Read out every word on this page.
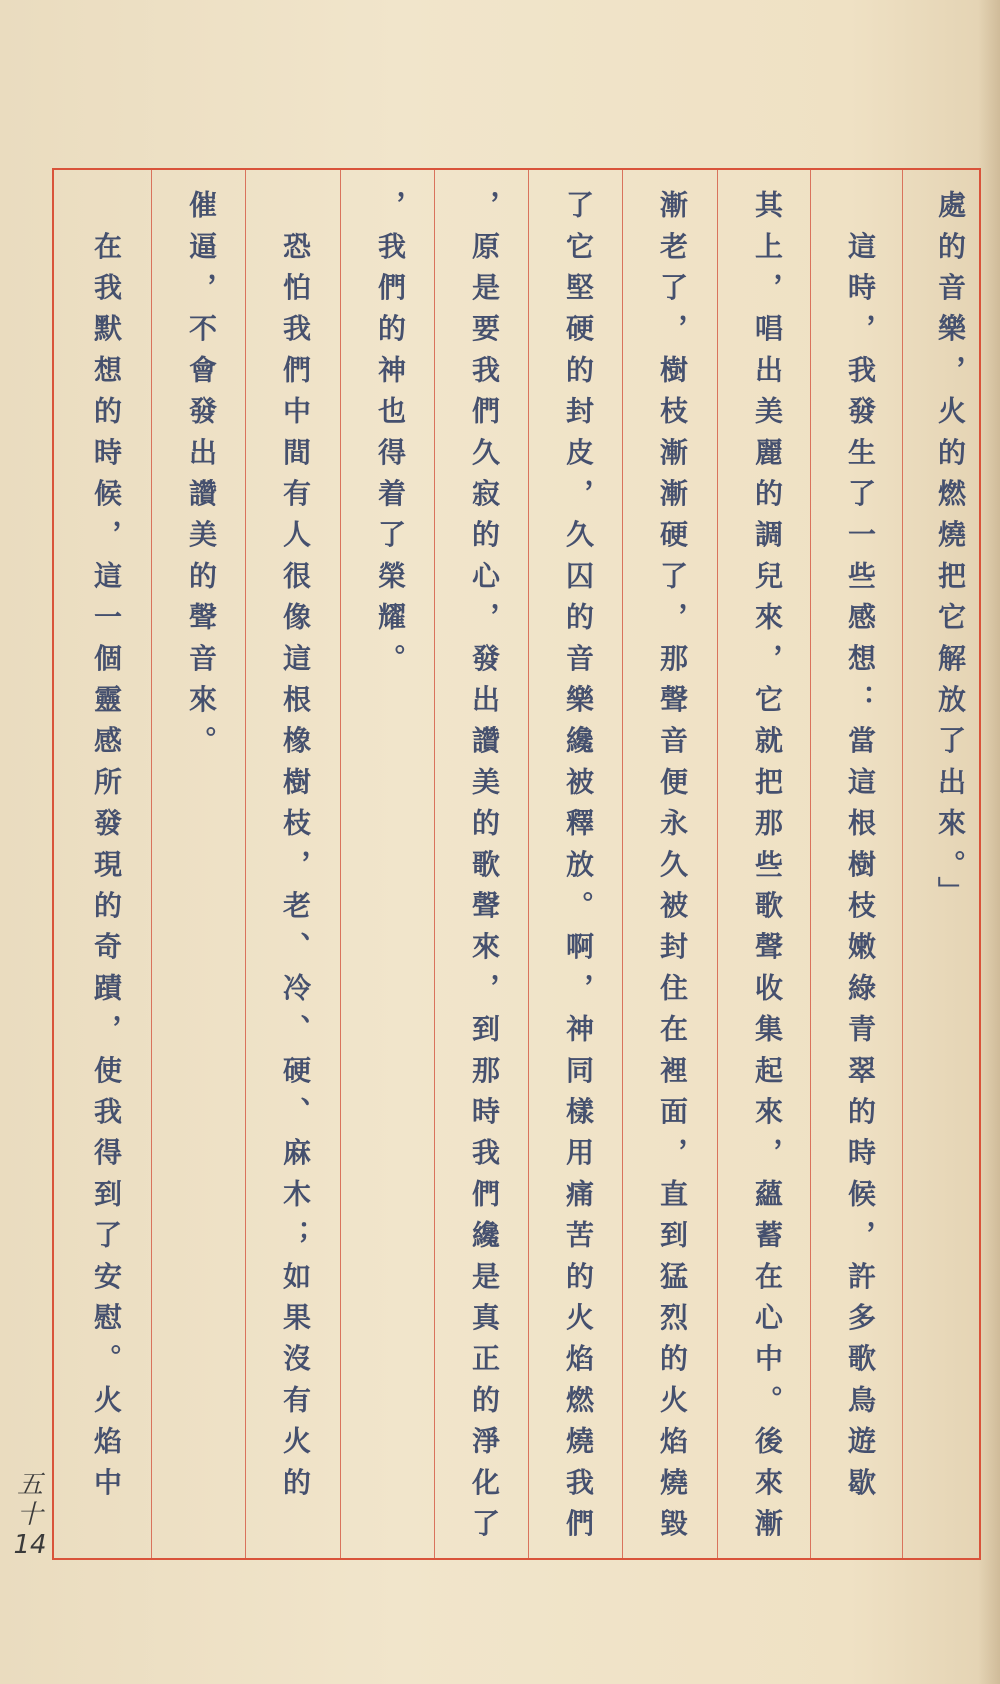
處的音樂，火的燃燒把它解放了出來。」
　這時，我發生了一些感想：當這根樹枝嫩綠青翠的時候，許多歌鳥遊歇
其上，唱出美麗的調兒來，它就把那些歌聲收集起來，蘊蓄在心中。後來漸
漸老了，樹枝漸漸硬了，那聲音便永久被封住在裡面，直到猛烈的火焰燒毀
了它堅硬的封皮，久囚的音樂纔被釋放。啊，神同樣用痛苦的火焰燃燒我們
，原是要我們久寂的心，發出讚美的歌聲來，到那時我們纔是真正的淨化了
，我們的神也得着了榮耀。
　恐怕我們中間有人很像這根橡樹枝，老、冷、硬、麻木；如果沒有火的
催逼，不會發出讚美的聲音來。
　在我默想的時候，這一個靈感所發現的奇蹟，使我得到了安慰。火焰中
五十
14
